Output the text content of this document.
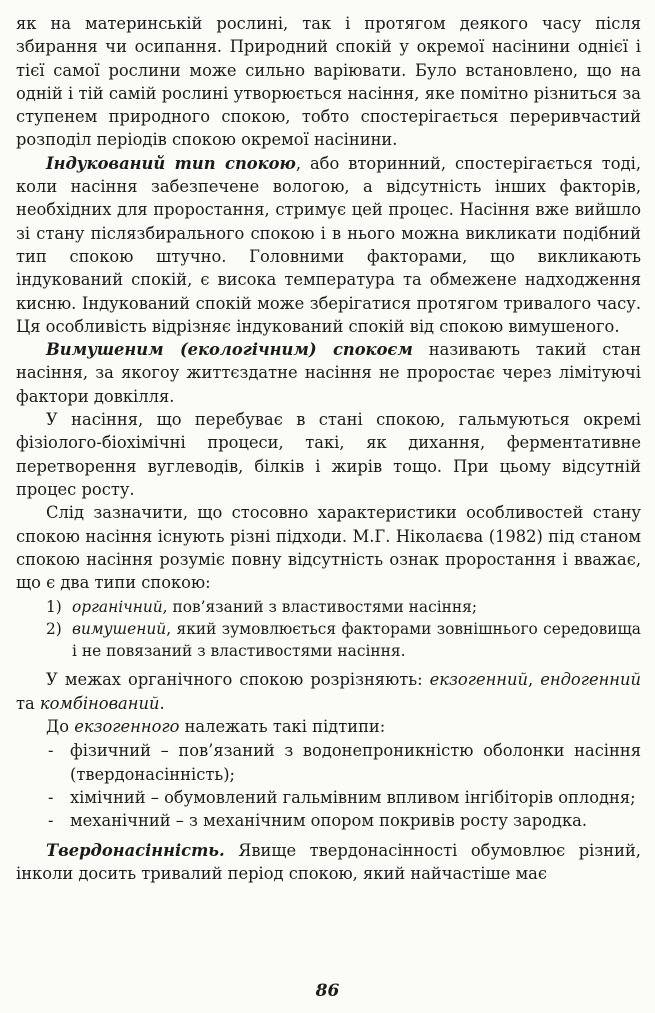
як на материнській рослині, так і протягом деякого часу після збирання чи осипання. Природний спокій у окремої насінини однієї і тієї самої рослини може сильно варіювати. Було встановлено, що на одній і тій самій рослині утворюється насіння, яке помітно різниться за ступенем природного спокою, тобто спостерігається переривчастий розподіл періодів спокою окремої насінини.

Індукований тип спокою, або вторинний, спостерігається тоді, коли насіння забезпечене вологою, а відсутність інших факторів, необхідних для проростання, стримує цей процес. Насіння вже вийшло зі стану післязбирального спокою і в нього можна викликати подібний тип спокою штучно. Головними факторами, що викликають індукований спокій, є висока температура та обмежене надходження кисню. Індукований спокій може зберігатися протягом тривалого часу. Ця особливість відрізняє індукований спокій від спокою вимушеного.

Вимушеним (екологічним) спокоєм називають такий стан насіння, за якогоу життєздатне насіння не проростає через лімітуючі фактори довкілля.

У насіння, що перебуває в стані спокою, гальмуються окремі фізіолого-біохімічні процеси, такі, як дихання, ферментативне перетворення вуглеводів, білків і жирів тощо. При цьому відсутній процес росту.

Слід зазначити, що стосовно характеристики особливостей стану спокою насіння існують різні підходи. М.Г. Ніколаєва (1982) під станом спокою насіння розуміє повну відсутність ознак проростання і вважає, що є два типи спокою:

1) органічний, пов’язаний з властивостями насіння;
2) вимушений, який зумовлюється факторами зовнішнього середовища і не повязаний з властивостями насіння.

У межах органічного спокою розрізняють: екзогенний, ендогенний та комбінований.

До екзогенного належать такі підтипи:

-	фізичний – пов’язаний з водонепроникністю оболонки насіння (твердонасінність);
-	хімічний – обумовлений гальмівним впливом інгібіторів оплодня;
-	механічний – з механічним опором покривів росту зародка.

Твердонасінність. Явище твердонасінності обумовлює різний, інколи досить тривалий період спокою, який найчастіше має

86
